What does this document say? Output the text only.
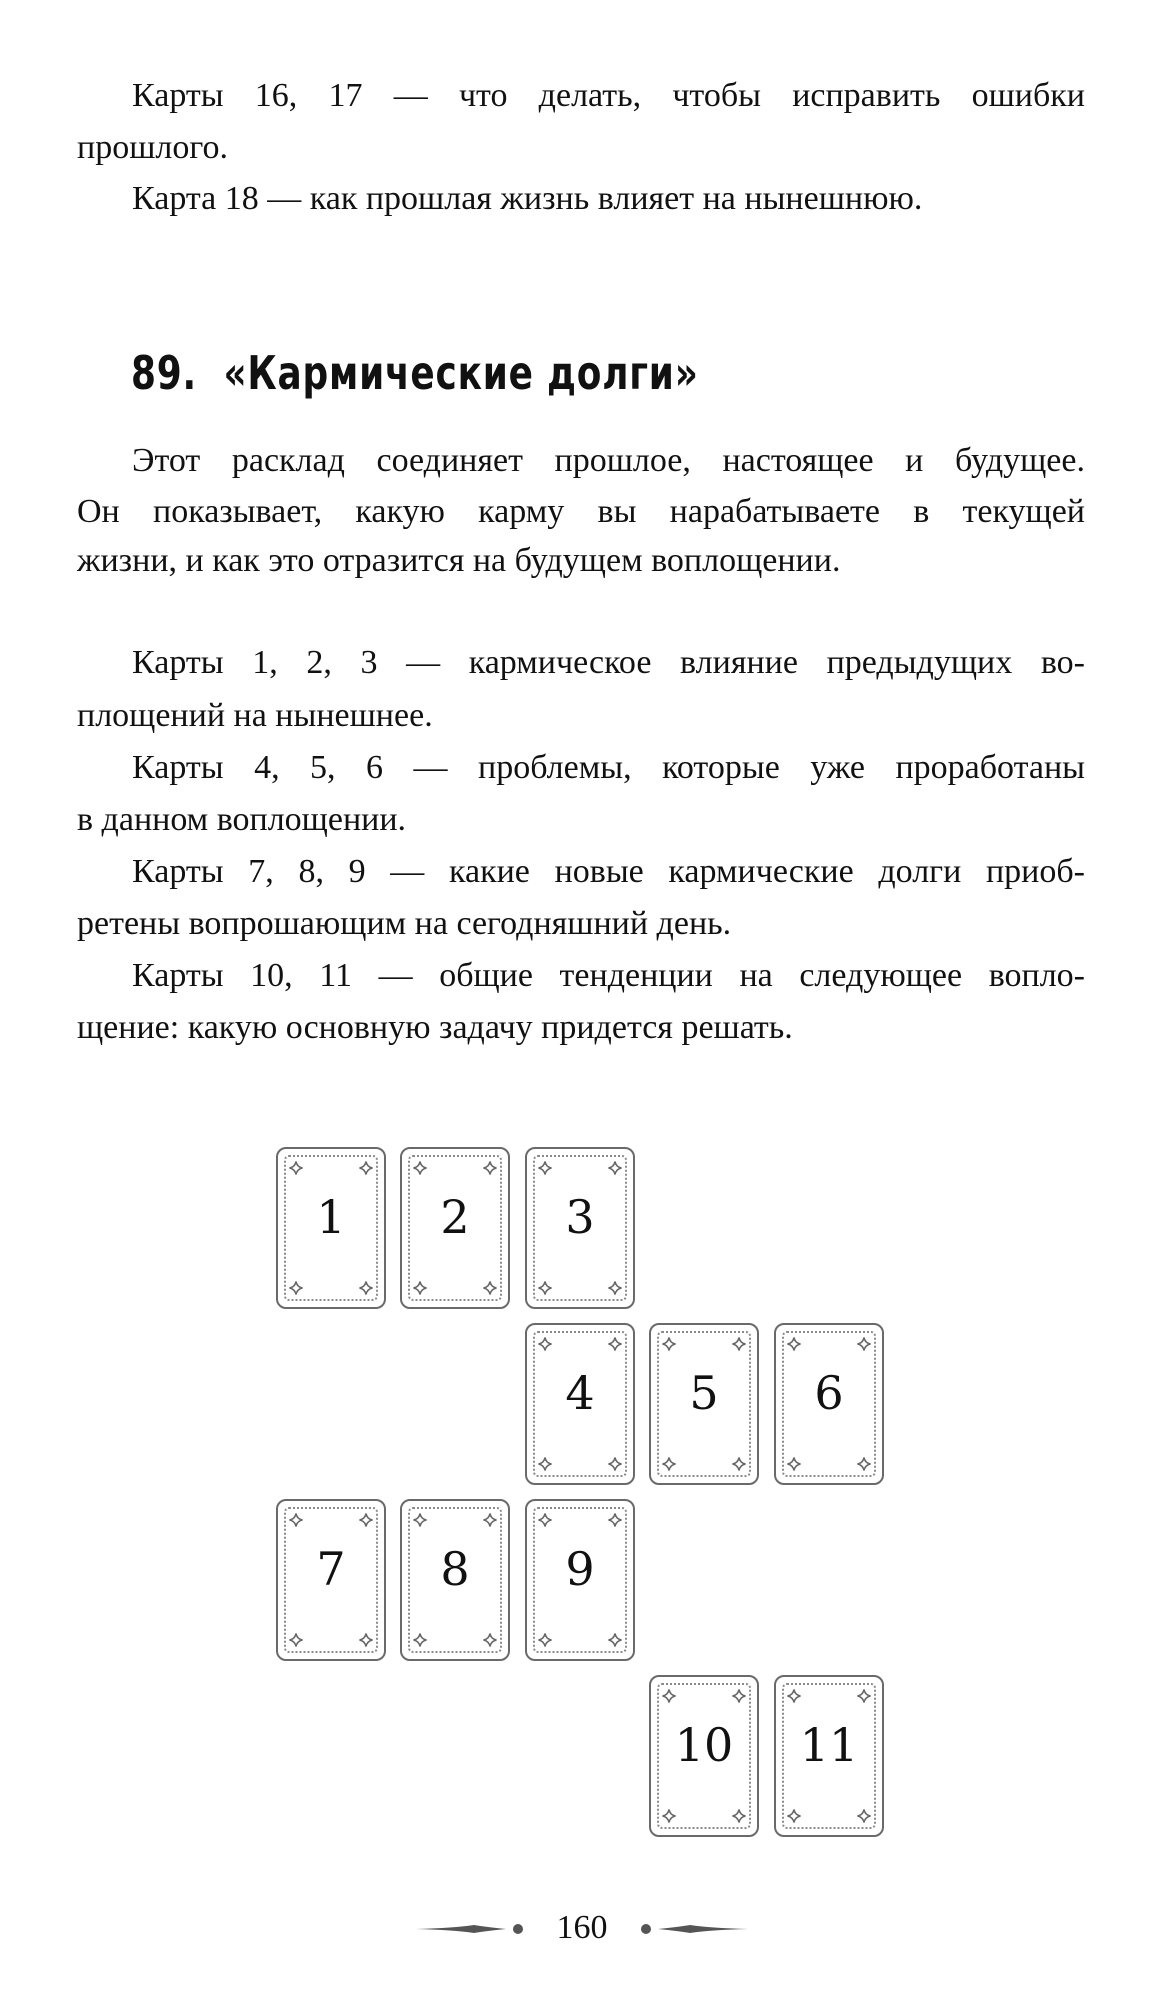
Карты 16, 17 — что делать, чтобы исправить ошибки
прошлого.
Карта 18 — как прошлая жизнь влияет на нынешнюю.
89. «Кармические долги»
Этот расклад соединяет прошлое, настоящее и будущее.
Он показывает, какую карму вы нарабатываете в текущей
жизни, и как это отразится на будущем воплощении.
Карты 1, 2, 3 — кармическое влияние предыдущих во-
площений на нынешнее.
Карты 4, 5, 6 — проблемы, которые уже проработаны
в данном воплощении.
Карты 7, 8, 9 — какие новые кармические долги приоб-
ретены вопрошающим на сегодняшний день.
Карты 10, 11 — общие тенденции на следующее вопло-
щение: какую основную задачу придется решать.
1	2	3
4	5	6
7	8	9
10	11
160
